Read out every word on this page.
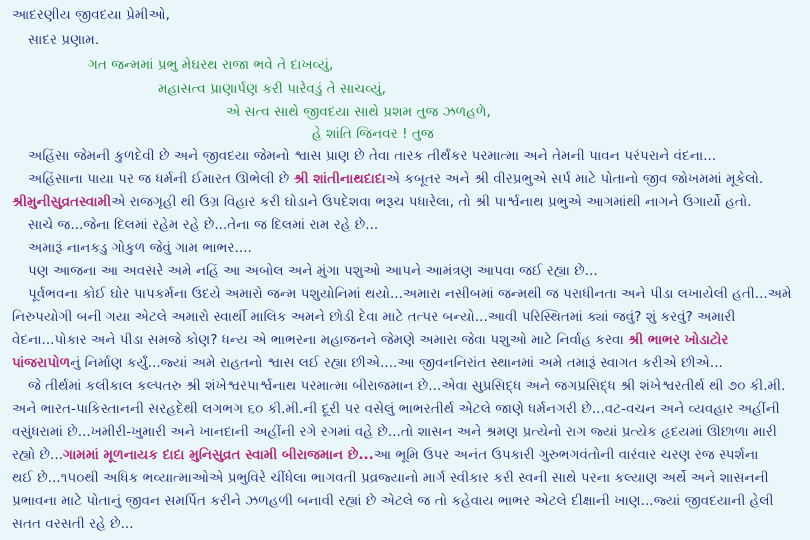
આદરણીય જીવદયા પ્રેમીઓ,
સાદર પ્રણામ.
ગત જન્મમાં પ્રભુ મેઘરથ રાજા ભવે તે દાખવ્યું,
મહાસત્વ પ્રાણાર્પણ કરી પારેવડું તે સાચવ્યું,
એ સત્વ સાથે જીવદયા સાથે પ્રશમ તુજ ઝળહળે,
હે શાંતિ જિનવર ! તુજ
અહિંસા જેમની કુળદેવી છે અને જીવદયા જેમનો શ્વાસ પ્રાણ છે તેવા તારક તીર્થંકર પરમાત્મા અને તેમની પાવન પરંપરાને વંદના...
અહિંસાના પાયા પર જ ધર્મની ઈમારત ઊભેલી છે શ્રી શાંતીનાથદાદાએ કબૂતર અને શ્રી વીરપ્રભુએ સર્પ માટે પોતાનો જીવ જોખમમાં મૂકેલો.
શ્રીમુનીસુવ્રતસ્વામીએ રાજગૃહી થી ઉગ્ર વિહાર કરી ઘોડાને ઉપદેશવા ભરૂચ પધારેલા, તો શ્રી પાર્શ્વનાથ પ્રભુએ આગમાંથી નાગને ઉગાર્યો હતો.
સાચે જ...જેના દિલમાં રહેમ રહે છે...તેના જ દિલમાં રામ રહે છે...
અમારૂં નાનકડુ ગોકુળ જેવું ગામ ભાભર....
પણ આજના આ અવસરે અમે નહિં આ અબોલ અને મુંગા પશુઓ આપને આમંત્રણ આપવા જઈ રહ્યા છે...
પૂર્વભવના કોઈ ઘોર પાપકર્મના ઉદયે અમારો જન્મ પશુયોનિમાં થયો...અમારા નસીબમાં જન્મથી જ પરાધીનતા અને પીડા લખાયેલી હતી...અમે
નિરુપયોગી બની ગયા એટલે અમારો સ્વાર્થી માલિક અમને છોડી દેવા માટે તત્પર બન્યો...આવી પરિસ્થિતમાં ક્યાં જવું? શું કરવું? અમારી
વેદના...પોકાર અને પીડા સમજે કોણ? ધન્ય એ ભાભરના મહાજનને જેમણે અમારા જેવા પશુઓ માટે નિર્વાહ કરવા શ્રી ભાભર ખોડાટોર
પાંજરાપોળનું નિર્માણ કર્યું...જ્યાં અમે રાહતનો શ્વાસ લઈ રહ્યા છીએ....આ જીવનનિરાંત સ્થાનમાં અમે તમારૂં સ્વાગત કરીએ છીએ...
જે તીર્થમાં કલીકાલ કલ્પતરુ શ્રી શંખેશ્વરપાર્શ્વનાથ પરમાત્મા બીરાજમાન છે...એવા સુપ્રસિદ્ધ અને જગપ્રસિદ્ધ શ્રી શંખેશ્વરતીર્થ થી ૭૦ કી.મી.
અને ભારત-પાકિસ્તાનની સરહદેથી લગભગ ૬૦ કી.મી.ની દૂરી પર વસેલું ભાભરતીર્થ એટલે જાણે ધર્મનગરી છે...વટ-વચન અને વ્યવહાર અહીંની
વસુંધરામાં છે...ખમીરી-ખુમારી અને ખાનદાની અહીંની રગે રગમાં વહે છે...તો શાસન અને શ્રમણ પ્રત્યેનો રાગ જ્યાં પ્રત્યેક હૃદયમાં ઊછાળા મારી
રહ્યો છે...ગામમાં મૂળનાયક દાદા મુનિસુવ્રત સ્વામી બીરાજમાન છે...આ ભૂમિ ઉપર અનંત ઉપકારી ગુરુભગવંતોની વારંવાર ચરણ રજ સ્પર્શના
થઈ છે...૧૫૦થી અધિક ભવ્યાત્માઓએ પ્રભુવિરે ચીંધેલા ભાગવતી પ્રવ્રજ્યાનો માર્ગ સ્વીકાર કરી સ્વની સાથે પરના કલ્યાણ અર્થે અને શાસનની
પ્રભાવના માટે પોતાનું જીવન સમર્પિત કરીને ઝળહળી બનાવી રહ્યાં છે એટલે જ તો કહેવાય ભાભર એટલે દીક્ષાની ખાણ...જ્યાં જીવદયાની હેલી
સતત વરસતી રહે છે...
